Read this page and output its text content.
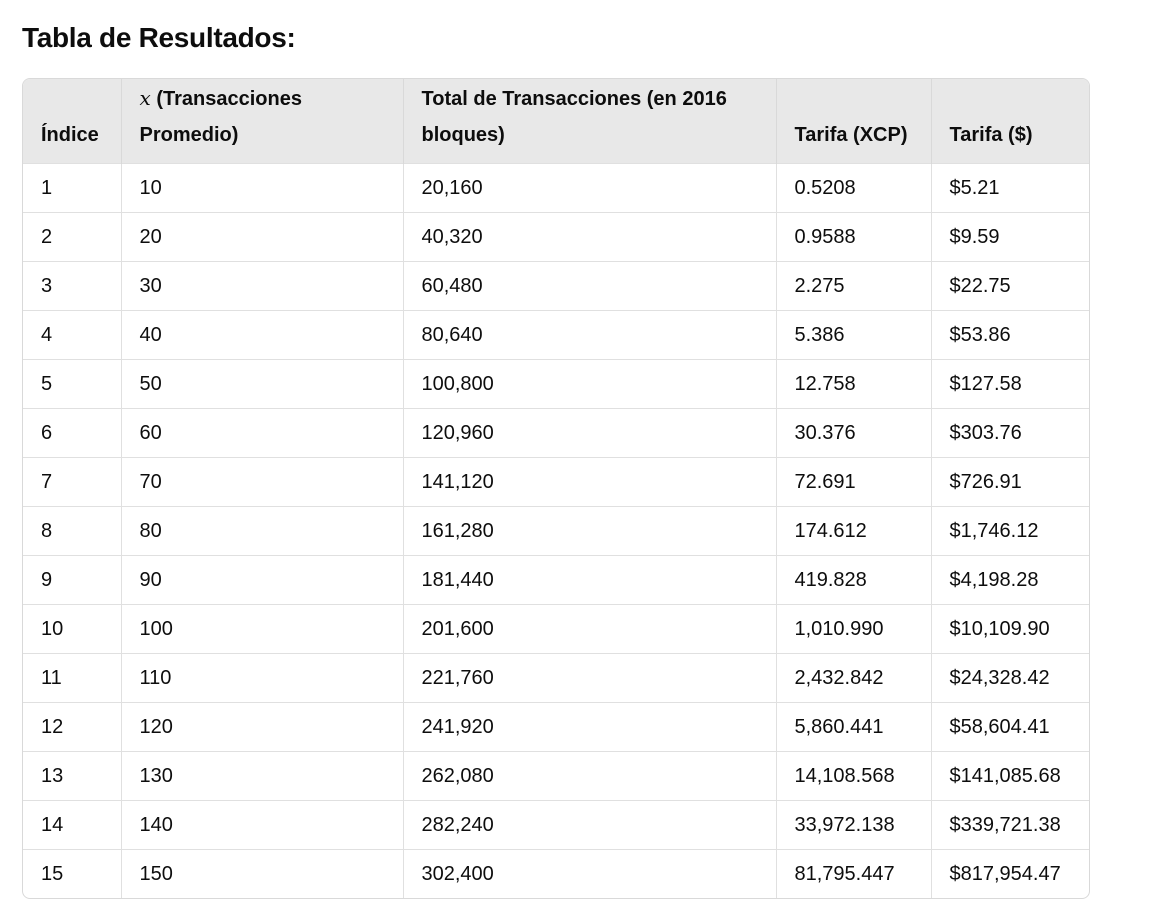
Tabla de Resultados:
Índice	x (Transacciones Promedio)	Total de Transacciones (en 2016 bloques)	Tarifa (XCP)	Tarifa ($)
1	10	20,160	0.5208	$5.21
2	20	40,320	0.9588	$9.59
3	30	60,480	2.275	$22.75
4	40	80,640	5.386	$53.86
5	50	100,800	12.758	$127.58
6	60	120,960	30.376	$303.76
7	70	141,120	72.691	$726.91
8	80	161,280	174.612	$1,746.12
9	90	181,440	419.828	$4,198.28
10	100	201,600	1,010.990	$10,109.90
11	110	221,760	2,432.842	$24,328.42
12	120	241,920	5,860.441	$58,604.41
13	130	262,080	14,108.568	$141,085.68
14	140	282,240	33,972.138	$339,721.38
15	150	302,400	81,795.447	$817,954.47
